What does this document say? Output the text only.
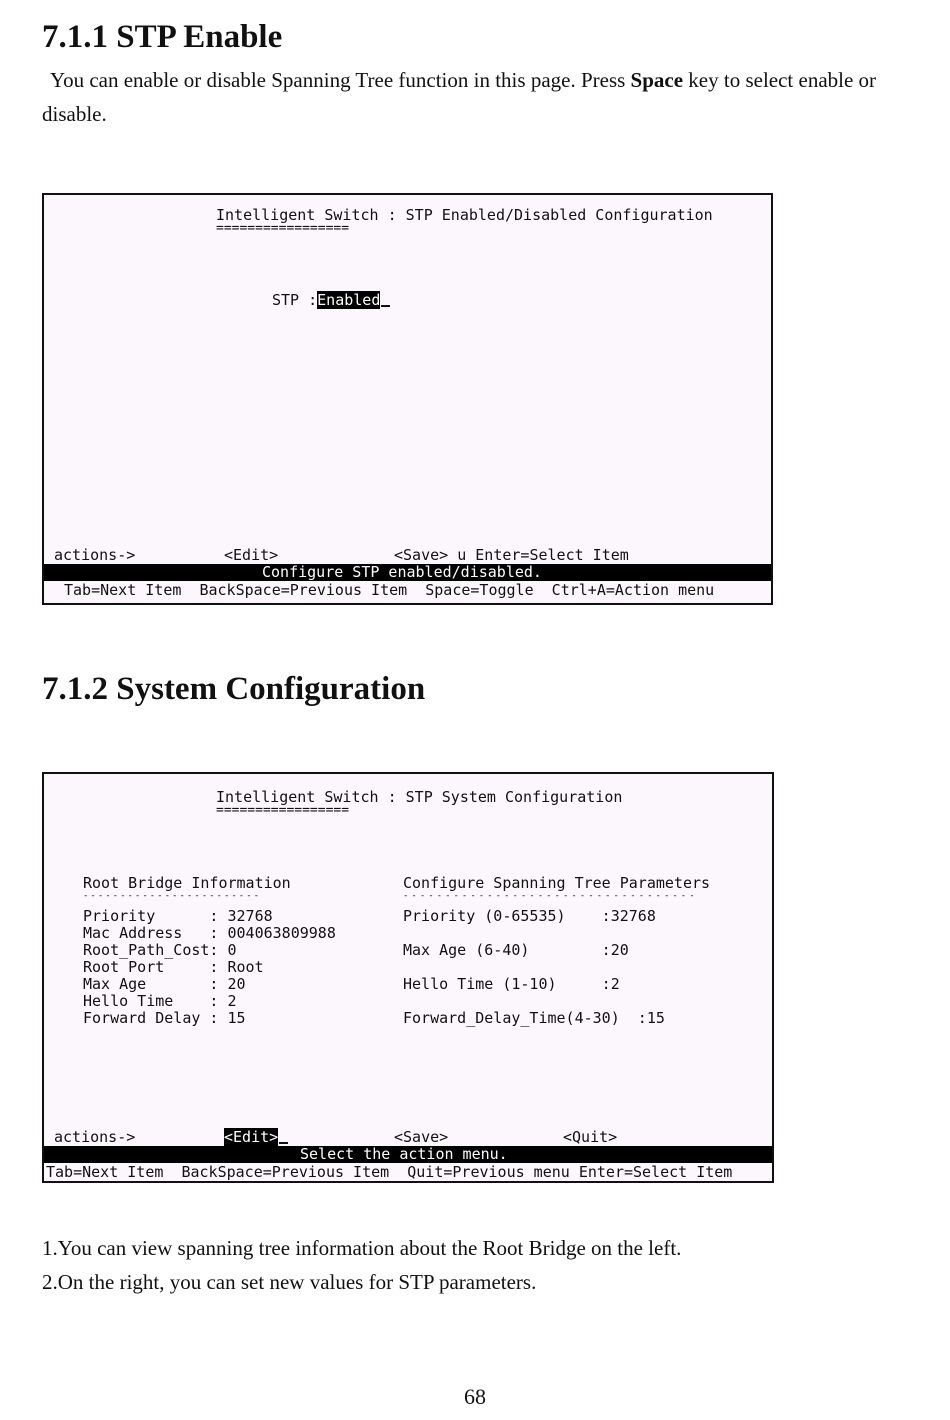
7.1.1 STP Enable

You can enable or disable Spanning Tree function in this page. Press Space key to select enable or disable.

Intelligent Switch : STP Enabled/Disabled Configuration
=================
STP :Enabled
actions->	<Edit>	<Save> u Enter=Select Item
Configure STP enabled/disabled.
Tab=Next Item  BackSpace=Previous Item  Space=Toggle  Ctrl+A=Action menu
7.1.2 System Configuration
Intelligent Switch : STP System Configuration
=================
Root Bridge Information
------------------------
Priority      : 32768
Mac Address   : 004063809988
Root_Path_Cost: 0
Root Port     : Root
Max Age       : 20
Hello Time    : 2
Forward Delay : 15
Configure Spanning Tree Parameters
-----------------------------------
Priority (0-65535)    :32768
Max Age (6-40)        :20
Hello Time (1-10)     :2
Forward_Delay_Time(4-30)  :15
actions->	<Edit>	<Save>	<Quit>
Select the action menu.
Tab=Next Item  BackSpace=Previous Item  Quit=Previous menu Enter=Select Item

1.You can view spanning tree information about the Root Bridge on the left.

2.On the right, you can set new values for STP parameters.

68
